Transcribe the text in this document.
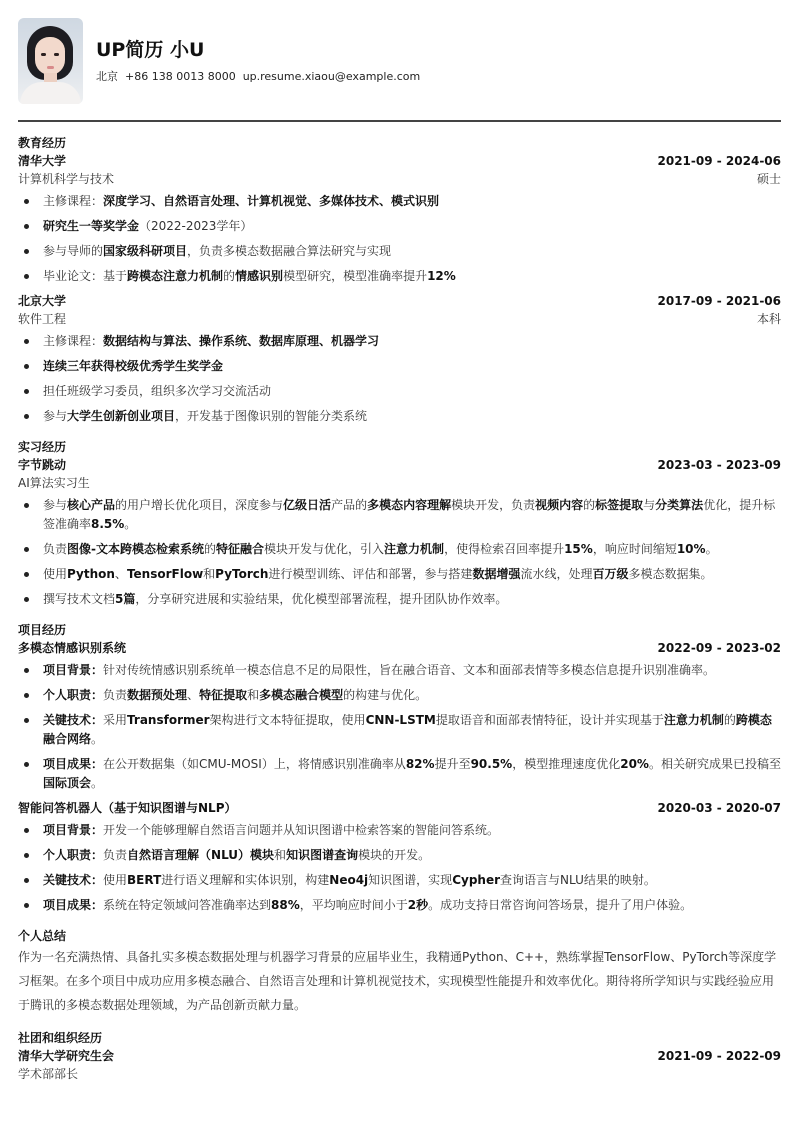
UP简历 小U
北京 +86 138 0013 8000 up.resume.xiaou@example.com
教育经历
清华大学	2021-09 - 2024-06
计算机科学与技术	硕士
主修课程：深度学习、自然语言处理、计算机视觉、多媒体技术、模式识别
研究生一等奖学金（2022-2023学年）
参与导师的国家级科研项目，负责多模态数据融合算法研究与实现
毕业论文：基于跨模态注意力机制的情感识别模型研究，模型准确率提升12%
北京大学	2017-09 - 2021-06
软件工程	本科
主修课程：数据结构与算法、操作系统、数据库原理、机器学习
连续三年获得校级优秀学生奖学金
担任班级学习委员，组织多次学习交流活动
参与大学生创新创业项目，开发基于图像识别的智能分类系统
实习经历
字节跳动	2023-03 - 2023-09
AI算法实习生
参与核心产品的用户增长优化项目，深度参与亿级日活产品的多模态内容理解模块开发，负责视频内容的标签提取与分类算法优化，提升标签准确率8.5%。
负责图像-文本跨模态检索系统的特征融合模块开发与优化，引入注意力机制，使得检索召回率提升15%，响应时间缩短10%。
使用Python、TensorFlow和PyTorch进行模型训练、评估和部署，参与搭建数据增强流水线，处理百万级多模态数据集。
撰写技术文档5篇，分享研究进展和实验结果，优化模型部署流程，提升团队协作效率。
项目经历
多模态情感识别系统	2022-09 - 2023-02
项目背景：针对传统情感识别系统单一模态信息不足的局限性，旨在融合语音、文本和面部表情等多模态信息提升识别准确率。
个人职责：负责数据预处理、特征提取和多模态融合模型的构建与优化。
关键技术：采用Transformer架构进行文本特征提取，使用CNN-LSTM提取语音和面部表情特征，设计并实现基于注意力机制的跨模态融合网络。
项目成果：在公开数据集（如CMU-MOSI）上，将情感识别准确率从82%提升至90.5%，模型推理速度优化20%。相关研究成果已投稿至国际顶会。
智能问答机器人（基于知识图谱与NLP）	2020-03 - 2020-07
项目背景：开发一个能够理解自然语言问题并从知识图谱中检索答案的智能问答系统。
个人职责：负责自然语言理解（NLU）模块和知识图谱查询模块的开发。
关键技术：使用BERT进行语义理解和实体识别，构建Neo4j知识图谱，实现Cypher查询语言与NLU结果的映射。
项目成果：系统在特定领域问答准确率达到88%，平均响应时间小于2秒。成功支持日常咨询问答场景，提升了用户体验。
个人总结
作为一名充满热情、具备扎实多模态数据处理与机器学习背景的应届毕业生，我精通Python、C++，熟练掌握TensorFlow、PyTorch等深度学习框架。在多个项目中成功应用多模态融合、自然语言处理和计算机视觉技术，实现模型性能提升和效率优化。期待将所学知识与实践经验应用于腾讯的多模态数据处理领域，为产品创新贡献力量。
社团和组织经历
清华大学研究生会	2021-09 - 2022-09
学术部部长
